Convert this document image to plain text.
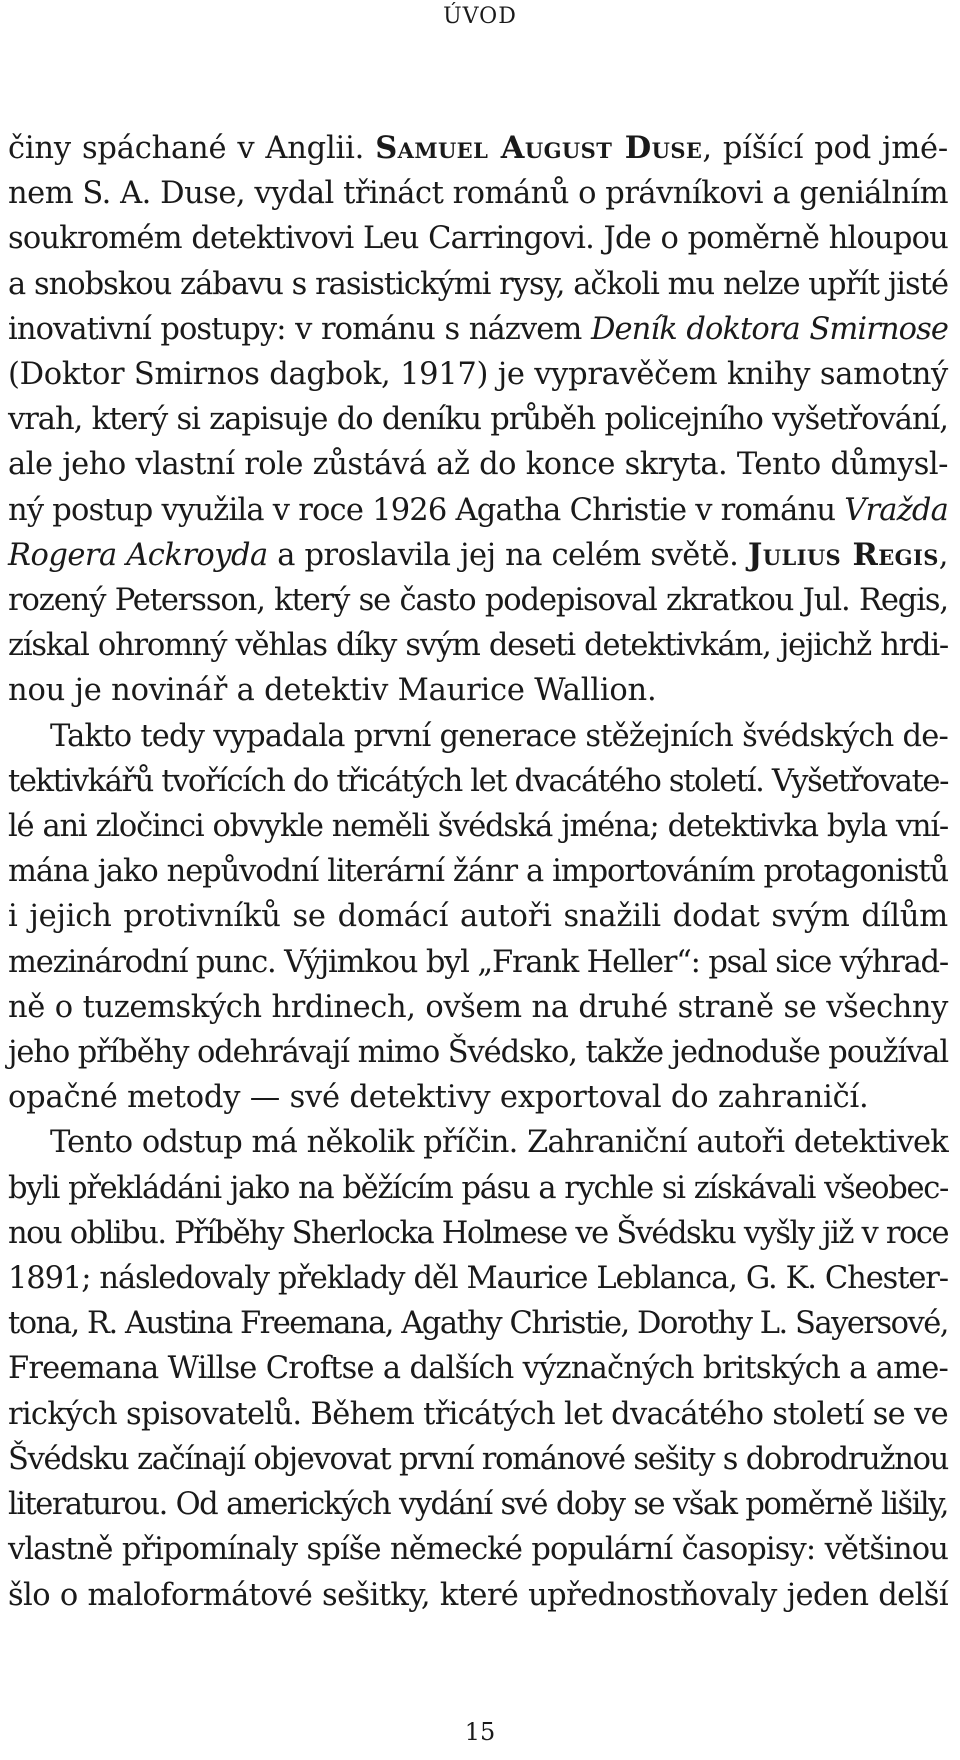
ÚVOD
činy spáchané v Anglii. Samuel August Duse, píšící pod jmé-
nem S. A. Duse, vydal třináct románů o právníkovi a geniálním
soukromém detektivovi Leu Carringovi. Jde o poměrně hloupou
a snobskou zábavu s rasistickými rysy, ačkoli mu nelze upřít jisté
inovativní postupy: v románu s názvem Deník doktora Smirnose
(Doktor Smirnos dagbok, 1917) je vypravěčem knihy samotný
vrah, který si zapisuje do deníku průběh policejního vyšetřování,
ale jeho vlastní role zůstává až do konce skryta. Tento důmysl-
ný postup využila v roce 1926 Agatha Christie v románu Vražda
Rogera Ackroyda a proslavila jej na celém světě. Julius Regis,
rozený Petersson, který se často podepisoval zkratkou Jul. Regis,
získal ohromný věhlas díky svým deseti detektivkám, jejichž hrdi-
nou je novinář a detektiv Maurice Wallion.
Takto tedy vypadala první generace stěžejních švédských de-
tektivkářů tvořících do třicátých let dvacátého století. Vyšetřovate-
lé ani zločinci obvykle neměli švédská jména; detektivka byla vní-
mána jako nepůvodní literární žánr a importováním protagonistů
i jejich protivníků se domácí autoři snažili dodat svým dílům
mezinárodní punc. Výjimkou byl „Frank Heller“: psal sice výhrad-
ně o tuzemských hrdinech, ovšem na druhé straně se všechny
jeho příběhy odehrávají mimo Švédsko, takže jednoduše používal
opačné metody — své detektivy exportoval do zahraničí.
Tento odstup má několik příčin. Zahraniční autoři detektivek
byli překládáni jako na běžícím pásu a rychle si získávali všeobec-
nou oblibu. Příběhy Sherlocka Holmese ve Švédsku vyšly již v roce
1891; následovaly překlady děl Maurice Leblanca, G. K. Chester-
tona, R. Austina Freemana, Agathy Christie, Dorothy L. Sayersové,
Freemana Willse Croftse a dalších význačných britských a ame-
rických spisovatelů. Během třicátých let dvacátého století se ve
Švédsku začínají objevovat první románové sešity s dobrodružnou
literaturou. Od amerických vydání své doby se však poměrně lišily,
vlastně připomínaly spíše německé populární časopisy: většinou
šlo o maloformátové sešitky, které upřednostňovaly jeden delší
15
